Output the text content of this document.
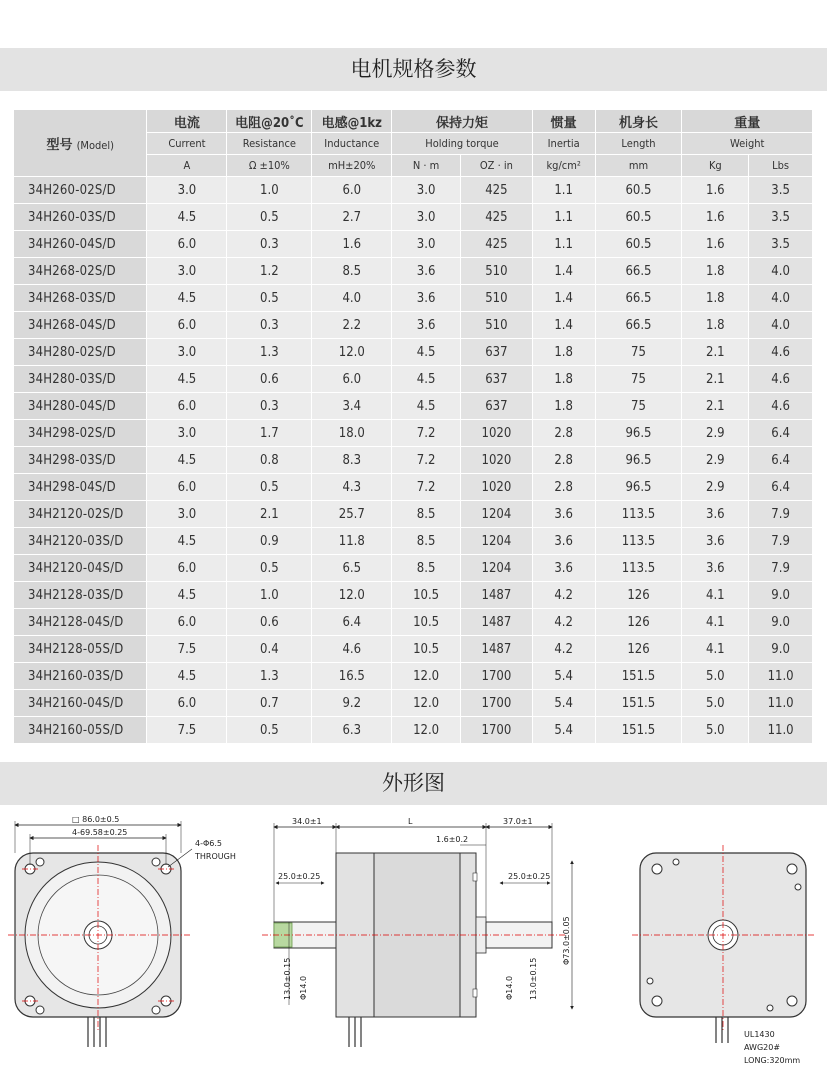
电机规格参数
型号 (Model)	电流	电阻@20˚C	电感@1kz	保持力矩		惯量	机身长	重量	
	Current	Resistance	Inductance	Holding torque		Inertia	Length	Weight	
	A	Ω ±10%	mH±20%	N · m	OZ · in	kg/cm²	mm	Kg	Lbs
34H260-02S/D	3.0	1.0	6.0	3.0	425	1.1	60.5	1.6	3.5
34H260-03S/D	4.5	0.5	2.7	3.0	425	1.1	60.5	1.6	3.5
34H260-04S/D	6.0	0.3	1.6	3.0	425	1.1	60.5	1.6	3.5
34H268-02S/D	3.0	1.2	8.5	3.6	510	1.4	66.5	1.8	4.0
34H268-03S/D	4.5	0.5	4.0	3.6	510	1.4	66.5	1.8	4.0
34H268-04S/D	6.0	0.3	2.2	3.6	510	1.4	66.5	1.8	4.0
34H280-02S/D	3.0	1.3	12.0	4.5	637	1.8	75	2.1	4.6
34H280-03S/D	4.5	0.6	6.0	4.5	637	1.8	75	2.1	4.6
34H280-04S/D	6.0	0.3	3.4	4.5	637	1.8	75	2.1	4.6
34H298-02S/D	3.0	1.7	18.0	7.2	1020	2.8	96.5	2.9	6.4
34H298-03S/D	4.5	0.8	8.3	7.2	1020	2.8	96.5	2.9	6.4
34H298-04S/D	6.0	0.5	4.3	7.2	1020	2.8	96.5	2.9	6.4
34H2120-02S/D	3.0	2.1	25.7	8.5	1204	3.6	113.5	3.6	7.9
34H2120-03S/D	4.5	0.9	11.8	8.5	1204	3.6	113.5	3.6	7.9
34H2120-04S/D	6.0	0.5	6.5	8.5	1204	3.6	113.5	3.6	7.9
34H2128-03S/D	4.5	1.0	12.0	10.5	1487	4.2	126	4.1	9.0
34H2128-04S/D	6.0	0.6	6.4	10.5	1487	4.2	126	4.1	9.0
34H2128-05S/D	7.5	0.4	4.6	10.5	1487	4.2	126	4.1	9.0
34H2160-03S/D	4.5	1.3	16.5	12.0	1700	5.4	151.5	5.0	11.0
34H2160-04S/D	6.0	0.7	9.2	12.0	1700	5.4	151.5	5.0	11.0
34H2160-05S/D	7.5	0.5	6.3	12.0	1700	5.4	151.5	5.0	11.0
外形图
□ 86.0±0.5
4-69.58±0.25
4-Φ6.5
THROUGH
34.0±1	L	37.0±1
1.6±0.2
25.0±0.25	25.0±0.25
13.0±0.15 Φ14.0	Φ14.0 13.0±0.15
Φ73.0±0.05
UL1430
AWG20#
LONG:320mm
